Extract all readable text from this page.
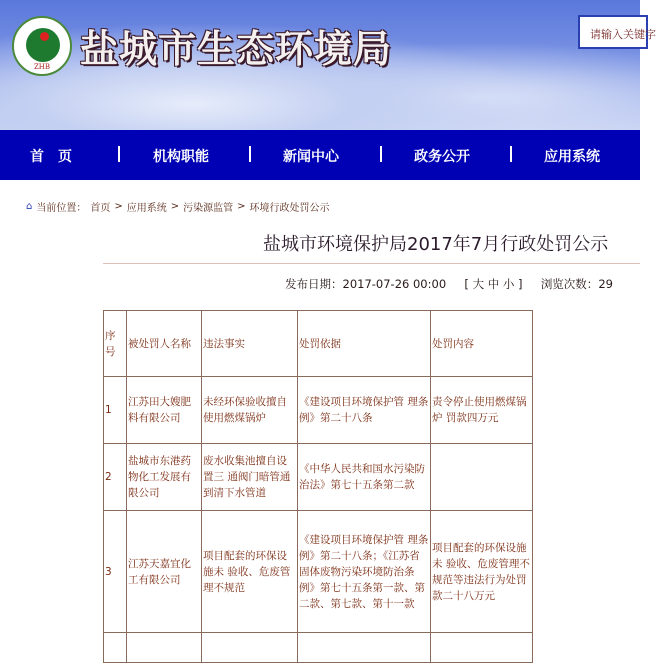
ZHB 盐城市生态环境局	请输入关键字
首　页	机构职能	新闻中心	政务公开	应用系统
⌂ 当前位置： 首页 > 应用系统 > 污染源监管 > 环境行政处罚公示
盐城市环境保护局2017年7月行政处罚公示
发布日期：2017-07-26 00:00 [ 大 中 小 ] 浏览次数：29
序号	被处罚人名称	违法事实	处罚依据	处罚内容
1	江苏田大嫂肥料有限公司	未经环保验收擅自使用燃煤锅炉	《建设项目环境保护管 理条例》第二十八条	责令停止使用燃煤锅炉 罚款四万元
2	盐城市东港药物化工发展有限公司	废水收集池擅自设置三 通阀门暗管通到清下水管道	《中华人民共和国水污染防治法》第七十五条第二款	
3	江苏天嘉宜化工有限公司	项目配套的环保设施未 验收、危废管理不规范	《建设项目环境保护管 理条例》第二十八条；《江苏省固体废物污染环境防治条例》第七十五条第一款、第二款、第七款、第十一款	项目配套的环保设施未 验收、危废管理不规范等违法行为处罚款二十八万元
